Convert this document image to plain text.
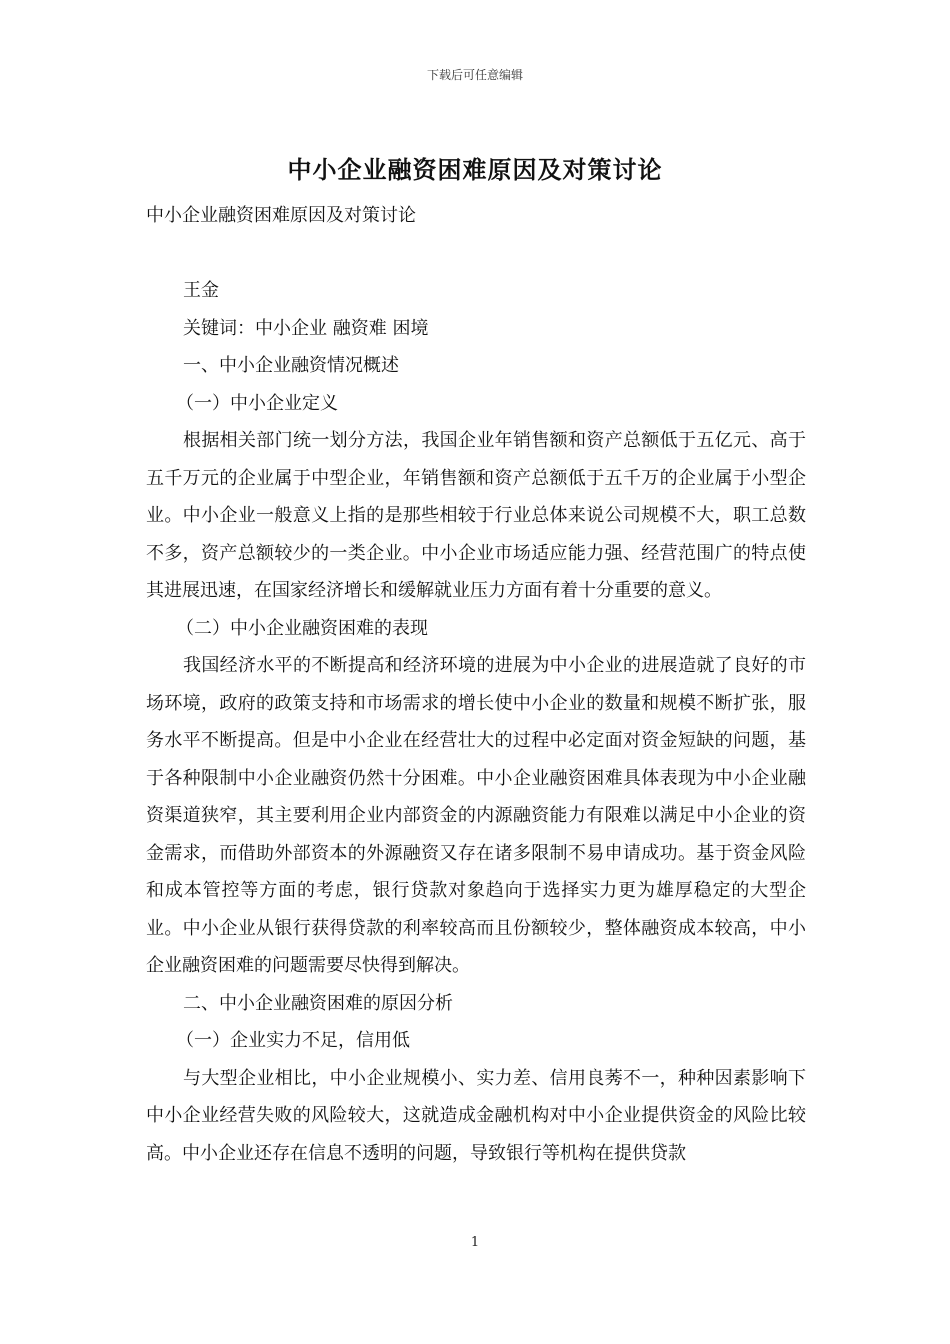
下载后可任意编辑
中小企业融资困难原因及对策讨论
中小企业融资困难原因及对策讨论
王金
关键词：中小企业 融资难 困境
一、中小企业融资情况概述
（一）中小企业定义

根据相关部门统一划分方法，我国企业年销售额和资产总额低于五亿元、高于五千万元的企业属于中型企业，年销售额和资产总额低于五千万的企业属于小型企业。中小企业一般意义上指的是那些相较于行业总体来说公司规模不大，职工总数不多，资产总额较少的一类企业。中小企业市场适应能力强、经营范围广的特点使其进展迅速，在国家经济增长和缓解就业压力方面有着十分重要的意义。

（二）中小企业融资困难的表现

我国经济水平的不断提高和经济环境的进展为中小企业的进展造就了良好的市场环境，政府的政策支持和市场需求的增长使中小企业的数量和规模不断扩张，服务水平不断提高。但是中小企业在经营壮大的过程中必定面对资金短缺的问题，基于各种限制中小企业融资仍然十分困难。中小企业融资困难具体表现为中小企业融资渠道狭窄，其主要利用企业内部资金的内源融资能力有限难以满足中小企业的资金需求，而借助外部资本的外源融资又存在诸多限制不易申请成功。基于资金风险和成本管控等方面的考虑，银行贷款对象趋向于选择实力更为雄厚稳定的大型企业。中小企业从银行获得贷款的利率较高而且份额较少，整体融资成本较高，中小企业融资困难的问题需要尽快得到解决。

二、中小企业融资困难的原因分析
（一）企业实力不足，信用低

与大型企业相比，中小企业规模小、实力差、信用良莠不一，种种因素影响下中小企业经营失败的风险较大，这就造成金融机构对中小企业提供资金的风险比较高。中小企业还存在信息不透明的问题，导致银行等机构在提供贷款

1
